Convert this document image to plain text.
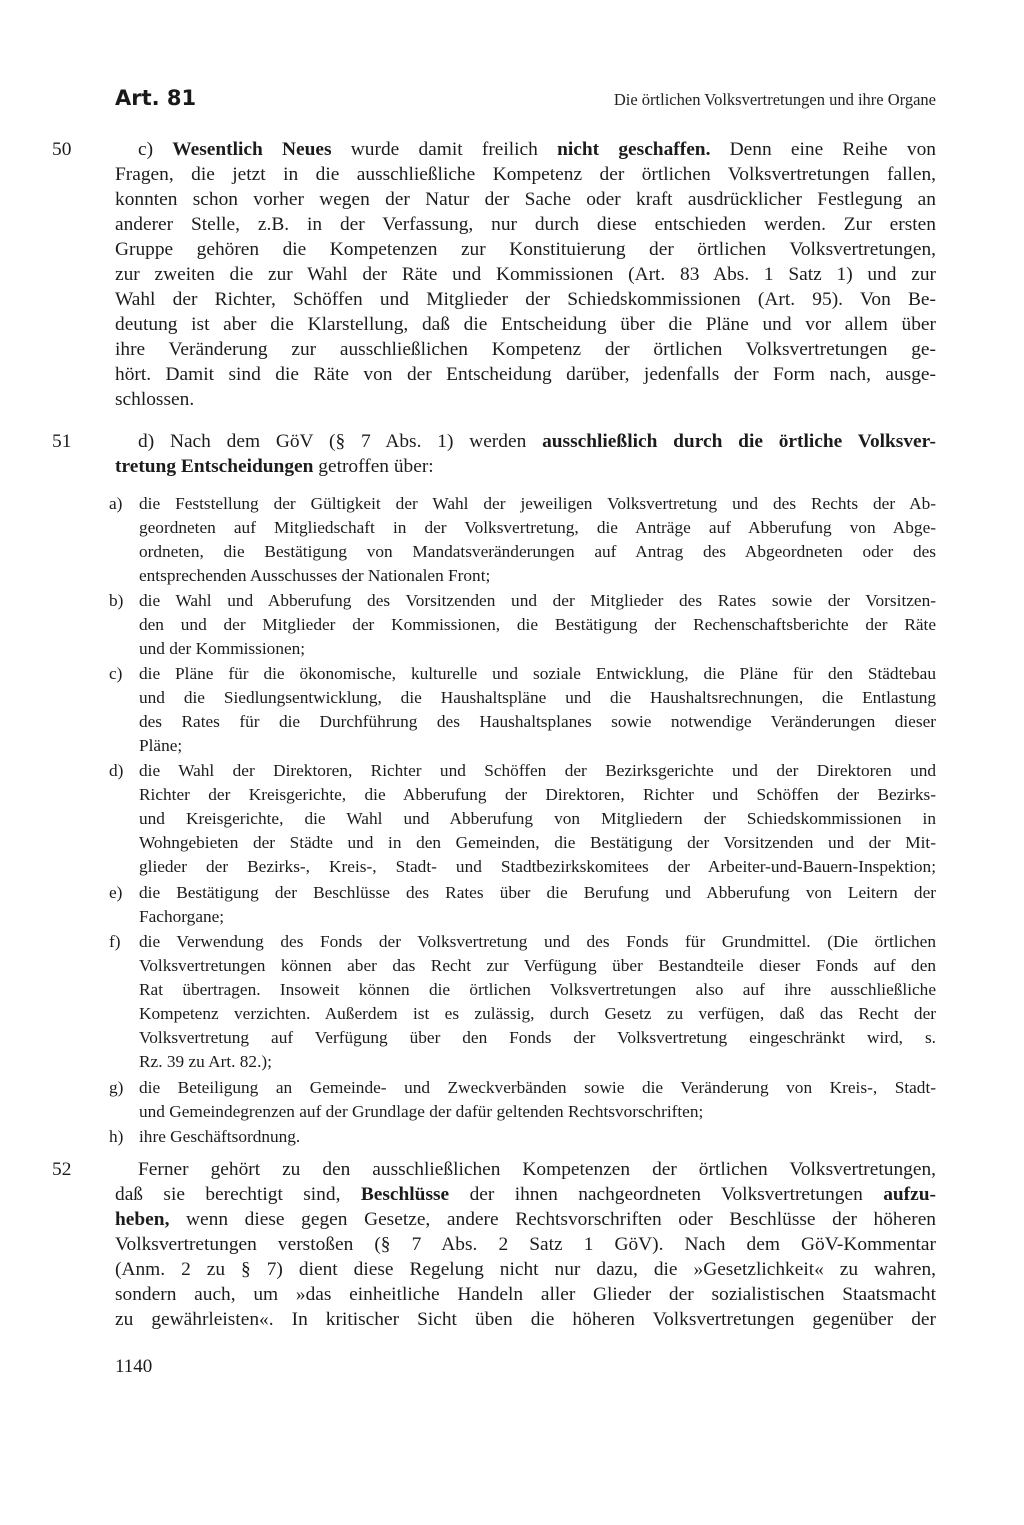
Art. 81	Die örtlichen Volksvertretungen und ihre Organe
50
51
52
c) Wesentlich Neues wurde damit freilich nicht geschaffen. Denn eine Reihe von
Fragen, die jetzt in die ausschließliche Kompetenz der örtlichen Volksvertretungen fallen,
konnten schon vorher wegen der Natur der Sache oder kraft ausdrücklicher Festlegung an
anderer Stelle, z.B. in der Verfassung, nur durch diese entschieden werden. Zur ersten
Gruppe gehören die Kompetenzen zur Konstituierung der örtlichen Volksvertretungen,
zur zweiten die zur Wahl der Räte und Kommissionen (Art. 83 Abs. 1 Satz 1) und zur
Wahl der Richter, Schöffen und Mitglieder der Schiedskommissionen (Art. 95). Von Be-
deutung ist aber die Klarstellung, daß die Entscheidung über die Pläne und vor allem über
ihre Veränderung zur ausschließlichen Kompetenz der örtlichen Volksvertretungen ge-
hört. Damit sind die Räte von der Entscheidung darüber, jedenfalls der Form nach, ausge-
schlossen.
d) Nach dem GöV (§ 7 Abs. 1) werden ausschließlich durch die örtliche Volksver-
tretung Entscheidungen getroffen über:
a) die Feststellung der Gültigkeit der Wahl der jeweiligen Volksvertretung und des Rechts der Ab-
geordneten auf Mitgliedschaft in der Volksvertretung, die Anträge auf Abberufung von Abge-
ordneten, die Bestätigung von Mandatsveränderungen auf Antrag des Abgeordneten oder des
entsprechenden Ausschusses der Nationalen Front;
b) die Wahl und Abberufung des Vorsitzenden und der Mitglieder des Rates sowie der Vorsitzen-
den und der Mitglieder der Kommissionen, die Bestätigung der Rechenschaftsberichte der Räte
und der Kommissionen;
c) die Pläne für die ökonomische, kulturelle und soziale Entwicklung, die Pläne für den Städtebau
und die Siedlungsentwicklung, die Haushaltspläne und die Haushaltsrechnungen, die Entlastung
des Rates für die Durchführung des Haushaltsplanes sowie notwendige Veränderungen dieser
Pläne;
d) die Wahl der Direktoren, Richter und Schöffen der Bezirksgerichte und der Direktoren und
Richter der Kreisgerichte, die Abberufung der Direktoren, Richter und Schöffen der Bezirks-
und Kreisgerichte, die Wahl und Abberufung von Mitgliedern der Schiedskommissionen in
Wohngebieten der Städte und in den Gemeinden, die Bestätigung der Vorsitzenden und der Mit-
glieder der Bezirks-, Kreis-, Stadt- und Stadtbezirkskomitees der Arbeiter-und-Bauern-Inspektion;
e) die Bestätigung der Beschlüsse des Rates über die Berufung und Abberufung von Leitern der
Fachorgane;
f)	die Verwendung des Fonds der Volksvertretung und des Fonds für Grundmittel. (Die örtlichen
Volksvertretungen können aber das Recht zur Verfügung über Bestandteile dieser Fonds auf den
Rat übertragen. Insoweit können die örtlichen Volksvertretungen also auf ihre ausschließliche
Kompetenz verzichten. Außerdem ist es zulässig, durch Gesetz zu verfügen, daß das Recht der
Volksvertretung auf Verfügung über den Fonds der Volksvertretung eingeschränkt wird, s.
Rz. 39 zu Art. 82.);
g) die Beteiligung an Gemeinde- und Zweckverbänden sowie die Veränderung von Kreis-, Stadt-
und Gemeindegrenzen auf der Grundlage der dafür geltenden Rechtsvorschriften;
h) ihre Geschäftsordnung.
Ferner gehört zu den ausschließlichen Kompetenzen der örtlichen Volksvertretungen,
daß sie berechtigt sind, Beschlüsse der ihnen nachgeordneten Volksvertretungen aufzu-
heben, wenn diese gegen Gesetze, andere Rechtsvorschriften oder Beschlüsse der höheren
Volksvertretungen verstoßen (§ 7 Abs. 2 Satz 1 GöV). Nach dem GöV-Kommentar
(Anm. 2 zu § 7) dient diese Regelung nicht nur dazu, die »Gesetzlichkeit« zu wahren,
sondern auch, um »das einheitliche Handeln aller Glieder der sozialistischen Staatsmacht
zu gewährleisten«. In kritischer Sicht üben die höheren Volksvertretungen gegenüber der
1140
